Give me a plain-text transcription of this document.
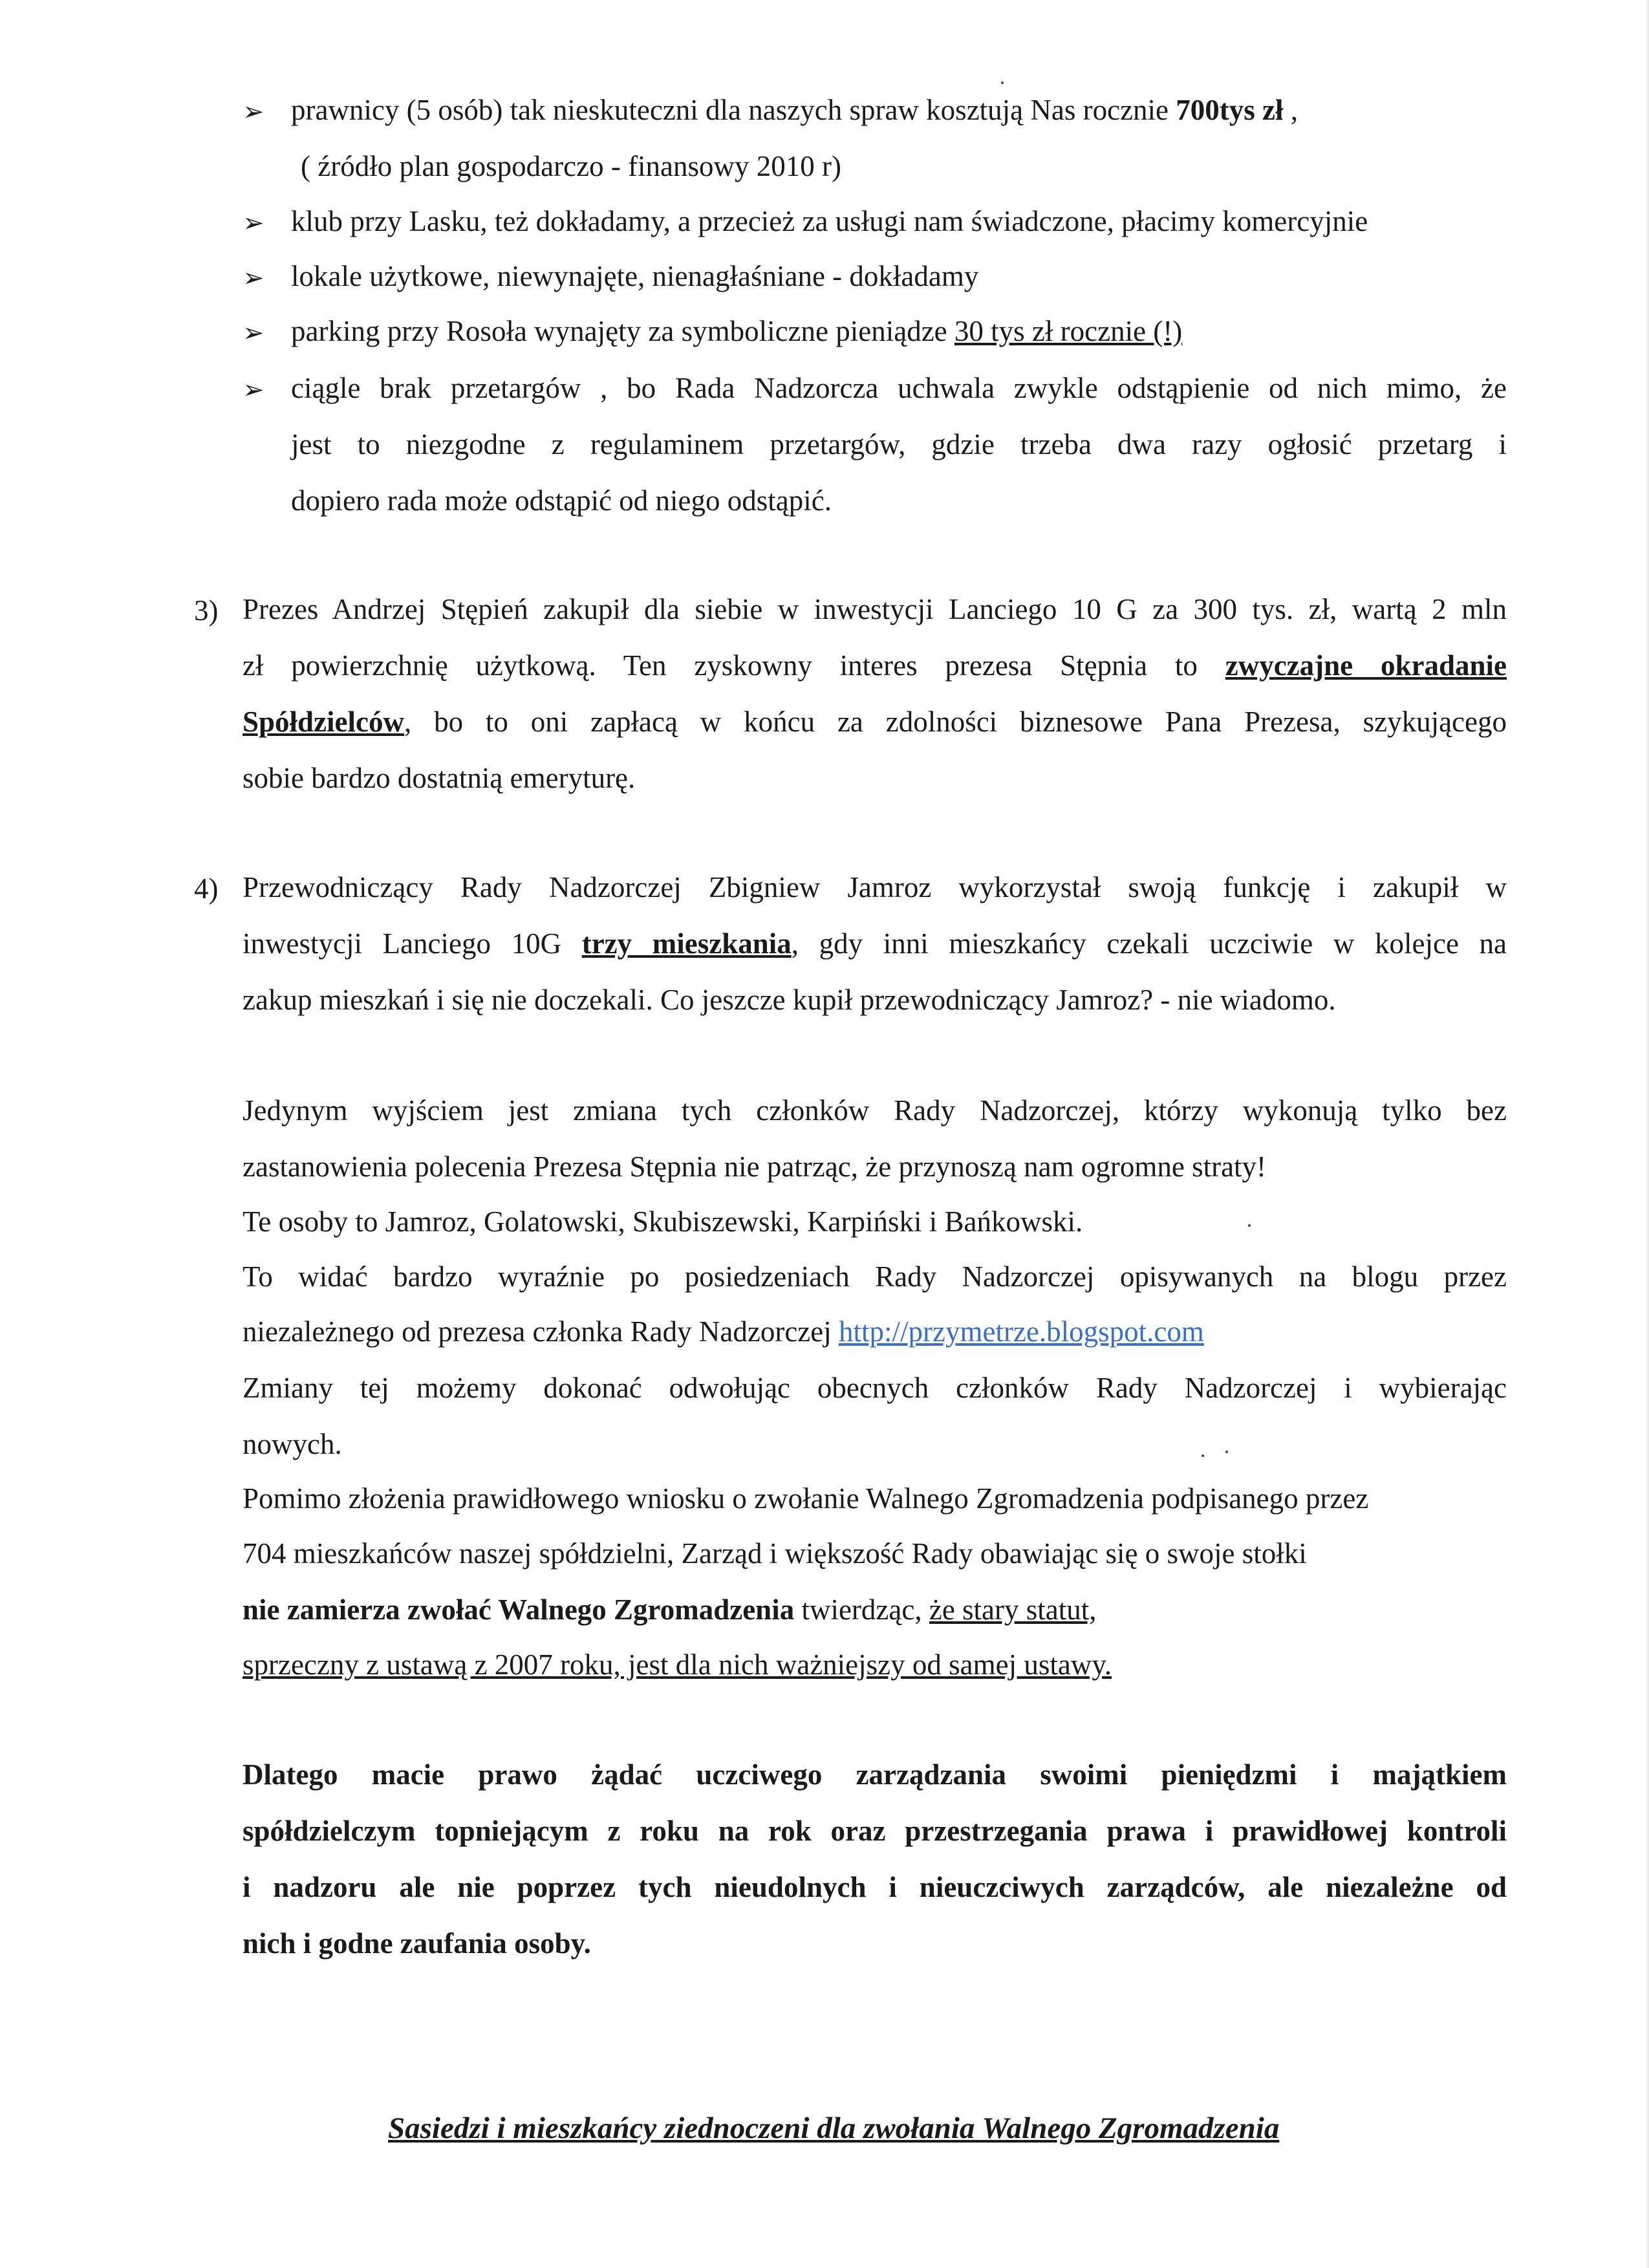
➢ prawnicy (5 osób) tak nieskuteczni dla naszych spraw kosztują Nas rocznie 700tys zł ,
( źródło plan gospodarczo - finansowy 2010 r)
➢ klub przy Lasku, też dokładamy, a przecież za usługi nam świadczone, płacimy komercyjnie
➢ lokale użytkowe, niewynajęte, nienagłaśniane - dokładamy
➢ parking przy Rosoła wynajęty za symboliczne pieniądze 30 tys zł rocznie (!)
➢ ciągle brak przetargów , bo Rada Nadzorcza uchwala zwykle odstąpienie od nich mimo, że
jest to niezgodne z regulaminem przetargów, gdzie trzeba dwa razy ogłosić przetarg i
dopiero rada może odstąpić od niego odstąpić.
3) Prezes Andrzej Stępień zakupił dla siebie w inwestycji Lanciego 10 G za 300 tys. zł, wartą 2 mln
zł powierzchnię użytkową. Ten zyskowny interes prezesa Stępnia to zwyczajne okradanie
Spółdzielców, bo to oni zapłacą w końcu za zdolności biznesowe Pana Prezesa, szykującego
sobie bardzo dostatnią emeryturę.
4) Przewodniczący Rady Nadzorczej Zbigniew Jamroz wykorzystał swoją funkcję i zakupił w
inwestycji Lanciego 10G trzy mieszkania, gdy inni mieszkańcy czekali uczciwie w kolejce na
zakup mieszkań i się nie doczekali. Co jeszcze kupił przewodniczący Jamroz? - nie wiadomo.
Jedynym wyjściem jest zmiana tych członków Rady Nadzorczej, którzy wykonują tylko bez
zastanowienia polecenia Prezesa Stępnia nie patrząc, że przynoszą nam ogromne straty!
Te osoby to Jamroz, Golatowski, Skubiszewski, Karpiński i Bańkowski.
To widać bardzo wyraźnie po posiedzeniach Rady Nadzorczej opisywanych na blogu przez
niezależnego od prezesa członka Rady Nadzorczej http://przymetrze.blogspot.com
Zmiany tej możemy dokonać odwołując obecnych członków Rady Nadzorczej i wybierając
nowych.
Pomimo złożenia prawidłowego wniosku o zwołanie Walnego Zgromadzenia podpisanego przez
704 mieszkańców naszej spółdzielni, Zarząd i większość Rady obawiając się o swoje stołki
nie zamierza zwołać Walnego Zgromadzenia twierdząc, że stary statut,
sprzeczny z ustawą z 2007 roku, jest dla nich ważniejszy od samej ustawy.
Dlatego macie prawo żądać uczciwego zarządzania swoimi pieniędzmi i majątkiem
spółdzielczym topniejącym z roku na rok oraz przestrzegania prawa i prawidłowej kontroli
i nadzoru ale nie poprzez tych nieudolnych i nieuczciwych zarządców, ale niezależne od
nich i godne zaufania osoby.
Sasiedzi i mieszkańcy ziednoczeni dla zwołania Walnego Zgromadzenia
